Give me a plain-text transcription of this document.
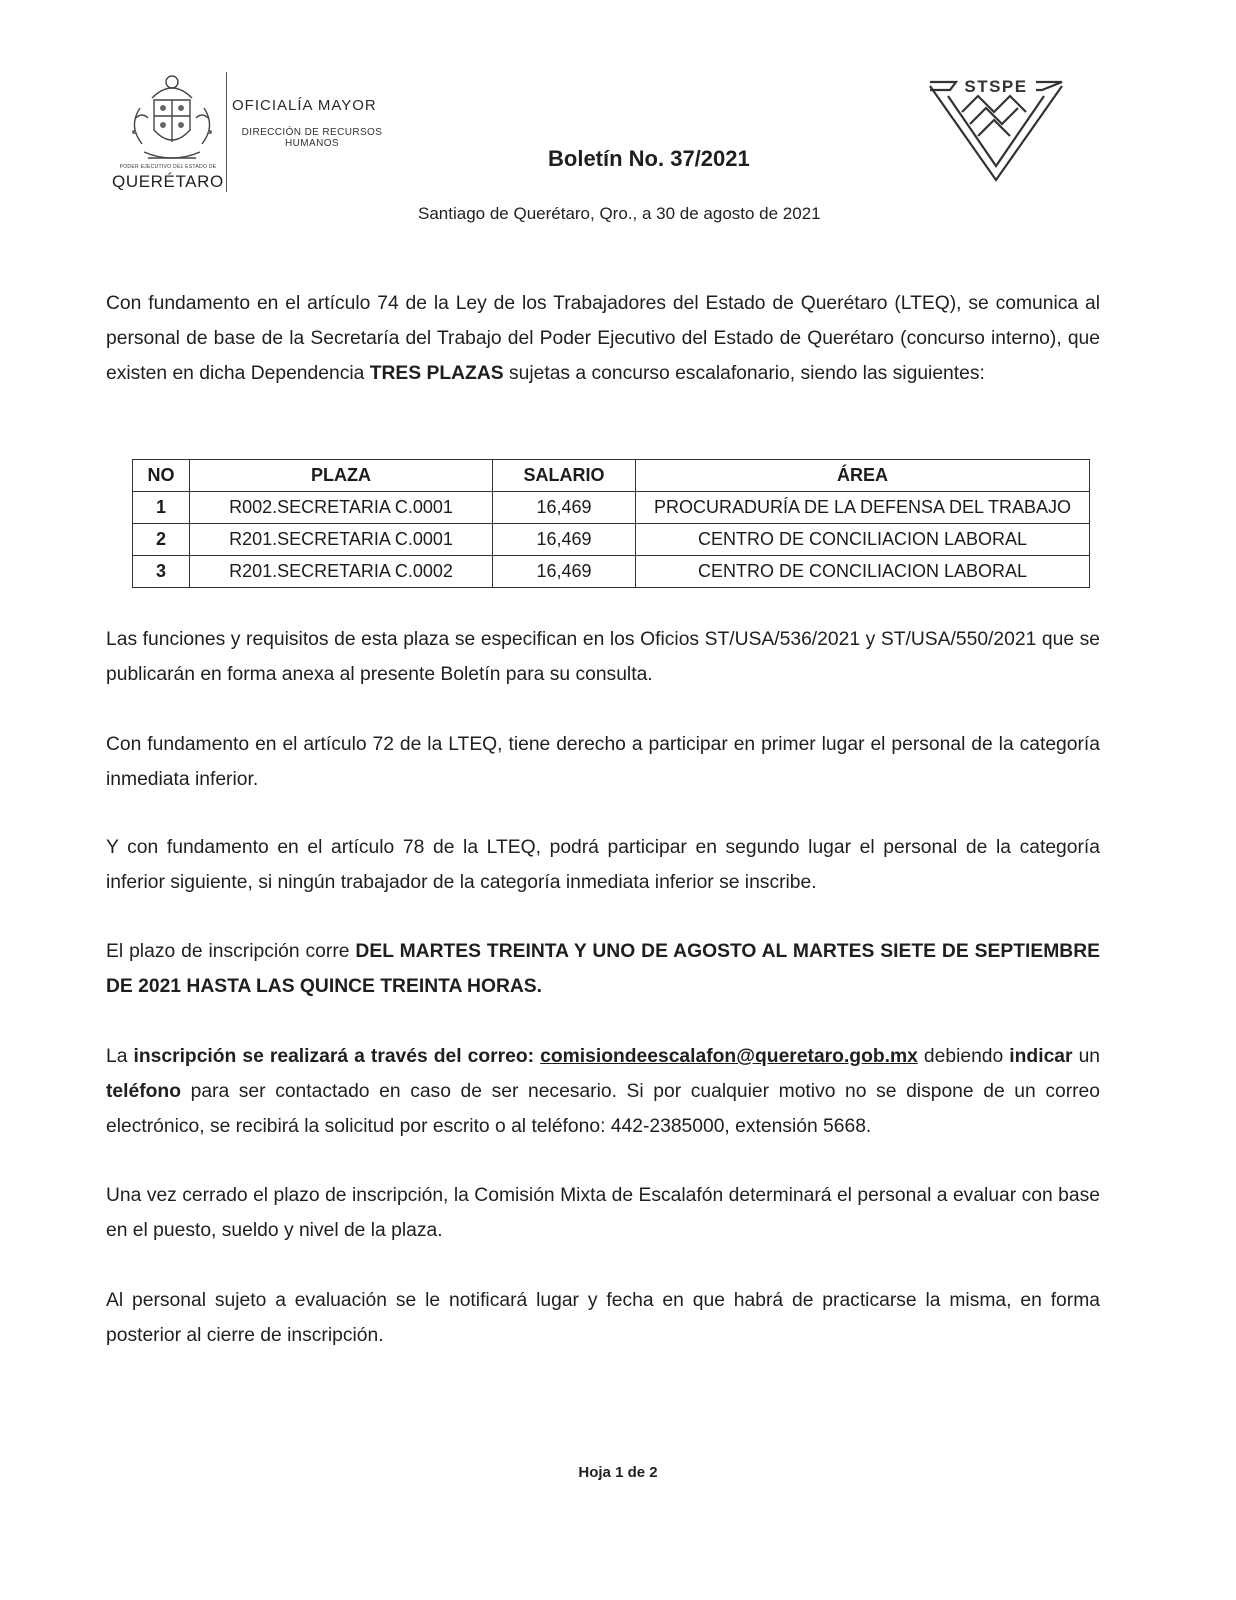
PODER EJECUTIVO DEL ESTADO DE
QUERÉTARO
OFICIALÍA MAYOR
DIRECCIÓN DE RECURSOS HUMANOS
STSPE
Boletín No. 37/2021
Santiago de Querétaro, Qro., a 30 de agosto de 2021
Con fundamento en el artículo 74 de la Ley de los Trabajadores del Estado de Querétaro (LTEQ), se comunica al personal de base de la Secretaría del Trabajo del Poder Ejecutivo del Estado de Querétaro (concurso interno), que existen en dicha Dependencia TRES PLAZAS sujetas a concurso escalafonario, siendo las siguientes:
NO	PLAZA	SALARIO	ÁREA
1	R002.SECRETARIA C.0001	16,469	PROCURADURÍA DE LA DEFENSA DEL TRABAJO
2	R201.SECRETARIA C.0001	16,469	CENTRO DE CONCILIACION LABORAL
3	R201.SECRETARIA C.0002	16,469	CENTRO DE CONCILIACION LABORAL
Las funciones y requisitos de esta plaza se especifican en los Oficios ST/USA/536/2021 y ST/USA/550/2021 que se publicarán en forma anexa al presente Boletín para su consulta.
Con fundamento en el artículo 72 de la LTEQ, tiene derecho a participar en primer lugar el personal de la categoría inmediata inferior.
Y con fundamento en el artículo 78 de la LTEQ, podrá participar en segundo lugar el personal de la categoría inferior siguiente, si ningún trabajador de la categoría inmediata inferior se inscribe.
El plazo de inscripción corre DEL MARTES TREINTA Y UNO DE AGOSTO AL MARTES SIETE DE SEPTIEMBRE DE 2021 HASTA LAS QUINCE TREINTA HORAS.
La inscripción se realizará a través del correo: comisiondeescalafon@queretaro.gob.mx debiendo indicar un teléfono para ser contactado en caso de ser necesario. Si por cualquier motivo no se dispone de un correo electrónico, se recibirá la solicitud por escrito o al teléfono: 442-2385000, extensión 5668.
Una vez cerrado el plazo de inscripción, la Comisión Mixta de Escalafón determinará el personal a evaluar con base en el puesto, sueldo y nivel de la plaza.
Al personal sujeto a evaluación se le notificará lugar y fecha en que habrá de practicarse la misma, en forma posterior al cierre de inscripción.
Hoja 1 de 2
